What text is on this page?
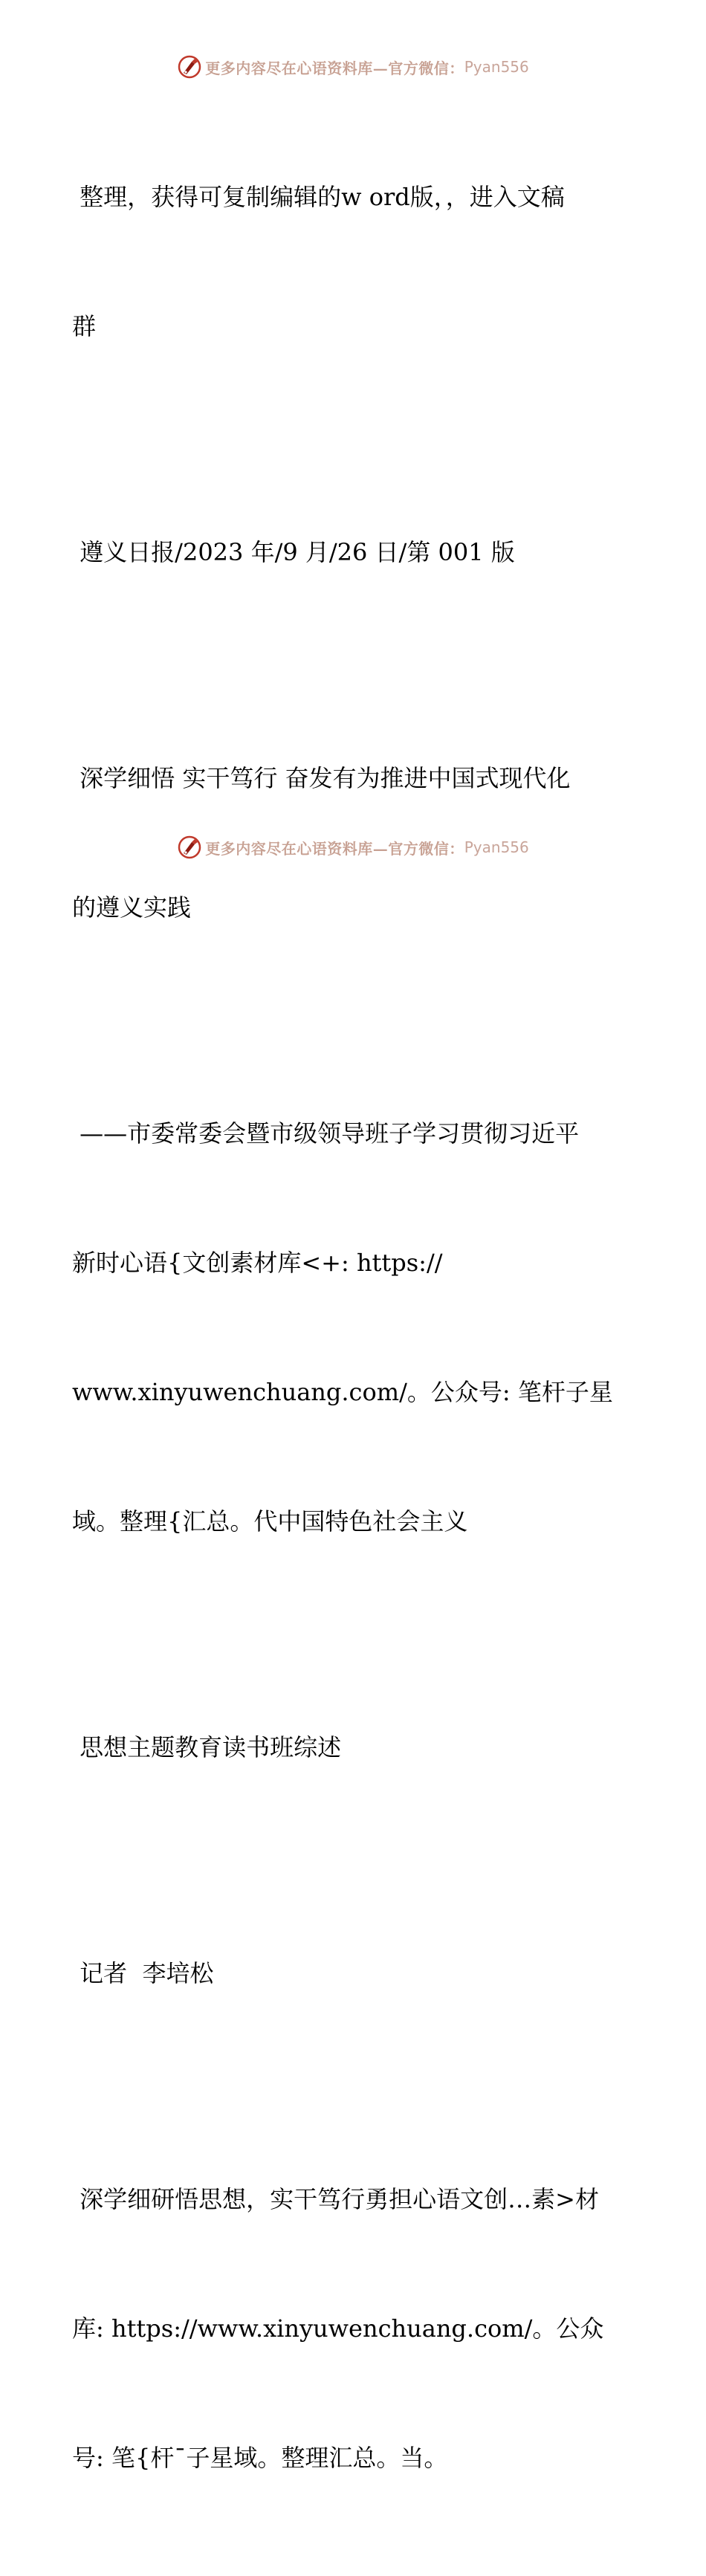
更多内容尽在心语资料库—官方微信： Pyan556

整理，获得可复制编辑的w ord版，，进入文稿

群

遵义日报/2023 年/9 月/26 日/第 001 版

深学细悟 实干笃行 奋发有为推进中国式现代化

的遵义实践

——市委常委会暨市级领导班子学习贯彻习近平

新时心语{文创素材库<+: https://

www.xinyuwenchuang.com/。公众号: 笔杆子星

域。整理{汇总。代中国特色社会主义

思想主题教育读书班综述

记者  李培松

深学细研悟思想，实干笃行勇担心语文创…素>材

库: https://www.xinyuwenchuang.com/。公众

号: 笔{杆¯子星域。整理汇总。当。

更多内容尽在心语资料库—官方微信： Pyan556
